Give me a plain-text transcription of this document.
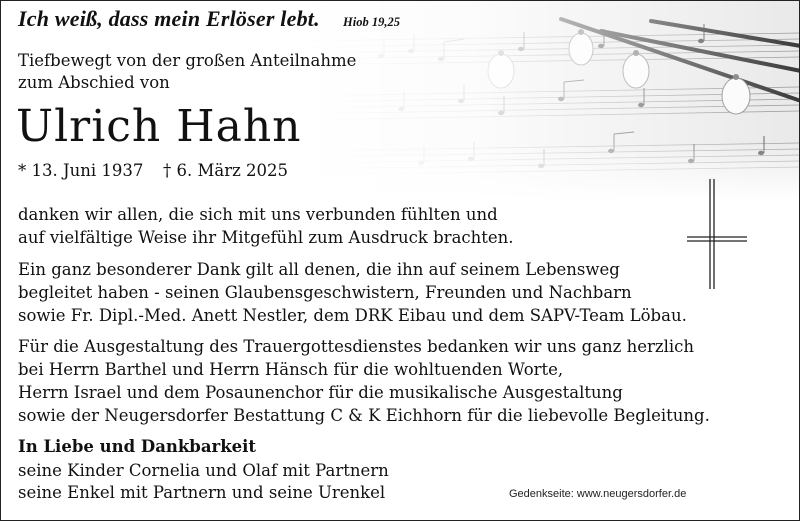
Ich weiß, dass mein Erlöser lebt. Hiob 19,25
Tiefbewegt von der großen Anteilnahme
zum Abschied von
Ulrich Hahn
* 13. Juni 1937 † 6. März 2025
danken wir allen, die sich mit uns verbunden fühlten und
auf vielfältige Weise ihr Mitgefühl zum Ausdruck brachten.
Ein ganz besonderer Dank gilt all denen, die ihn auf seinem Lebensweg
begleitet haben - seinen Glaubensgeschwistern, Freunden und Nachbarn
sowie Fr. Dipl.-Med. Anett Nestler, dem DRK Eibau und dem SAPV-Team Löbau.
Für die Ausgestaltung des Trauergottesdienstes bedanken wir uns ganz herzlich
bei Herrn Barthel und Herrn Hänsch für die wohltuenden Worte,
Herrn Israel und dem Posaunenchor für die musikalische Ausgestaltung
sowie der Neugersdorfer Bestattung C & K Eichhorn für die liebevolle Begleitung.
In Liebe und Dankbarkeit
seine Kinder Cornelia und Olaf mit Partnern
seine Enkel mit Partnern und seine Urenkel	Gedenkseite: www.neugersdorfer.de
